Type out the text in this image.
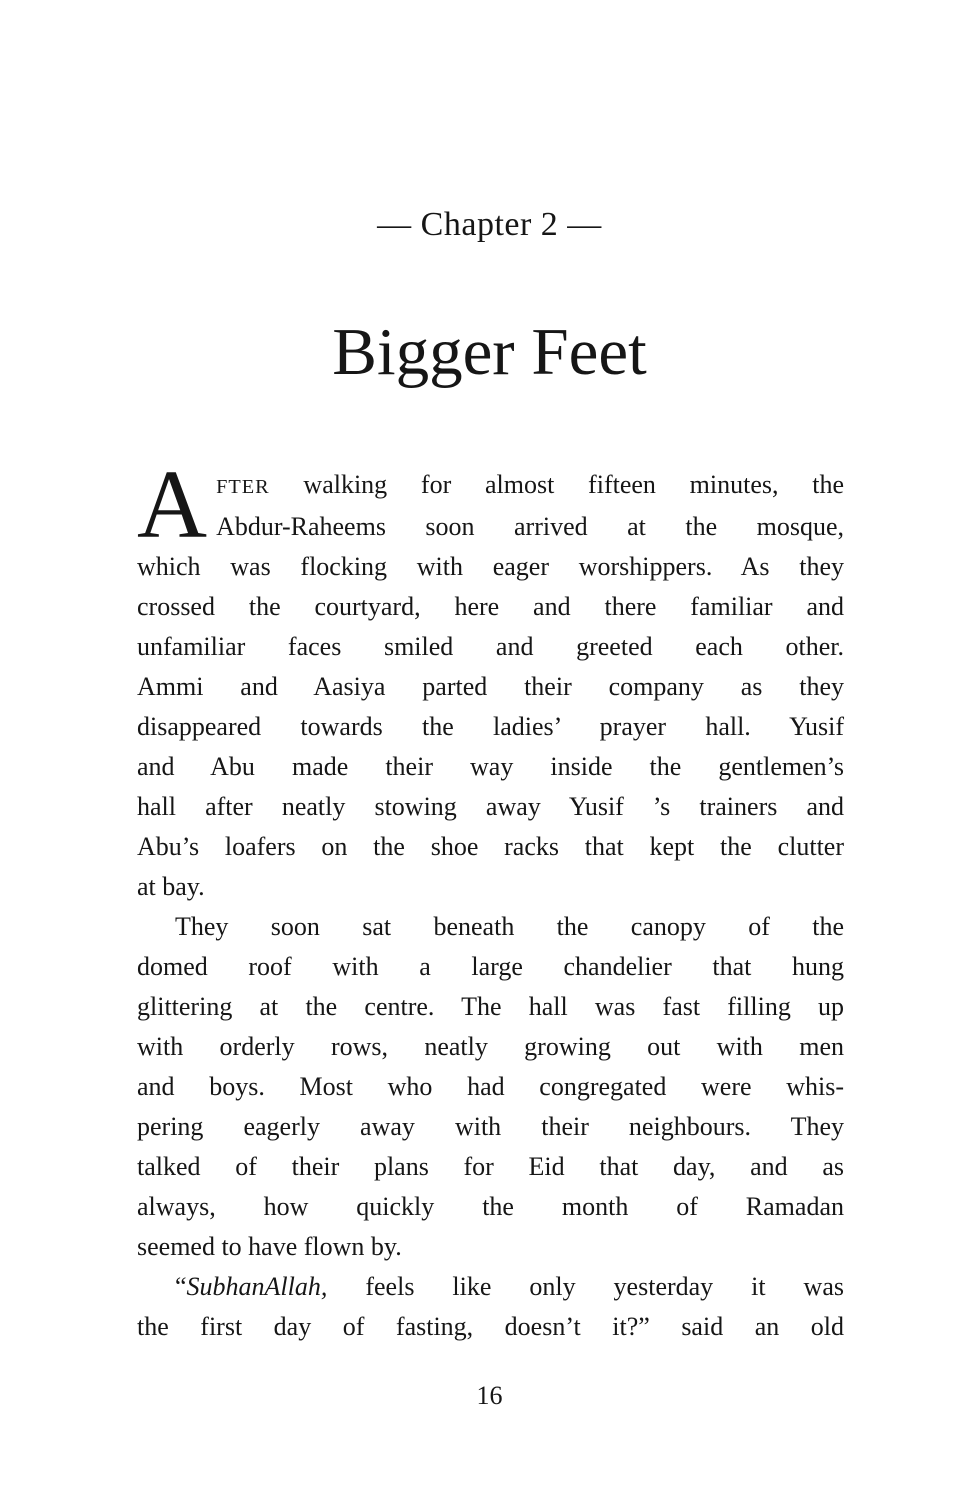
— Chapter 2 —
Bigger Feet
A FTER walking for almost fifteen minutes, the
Abdur-Raheems soon arrived at the mosque,
which was flocking with eager worshippers. As they
crossed the courtyard, here and there familiar and
unfamiliar faces smiled and greeted each other.
Ammi and Aasiya parted their company as they
disappeared towards the ladies’ prayer hall. Yusif
and Abu made their way inside the gentlemen’s
hall after neatly stowing away Yusif ’s trainers and
Abu’s loafers on the shoe racks that kept the clutter
at bay.
They soon sat beneath the canopy of the
domed roof with a large chandelier that hung
glittering at the centre. The hall was fast filling up
with orderly rows, neatly growing out with men
and boys. Most who had congregated were whis-
pering eagerly away with their neighbours. They
talked of their plans for Eid that day, and as
always, how quickly the month of Ramadan
seemed to have flown by.
“SubhanAllah, feels like only yesterday it was
the first day of fasting, doesn’t it?” said an old
16
